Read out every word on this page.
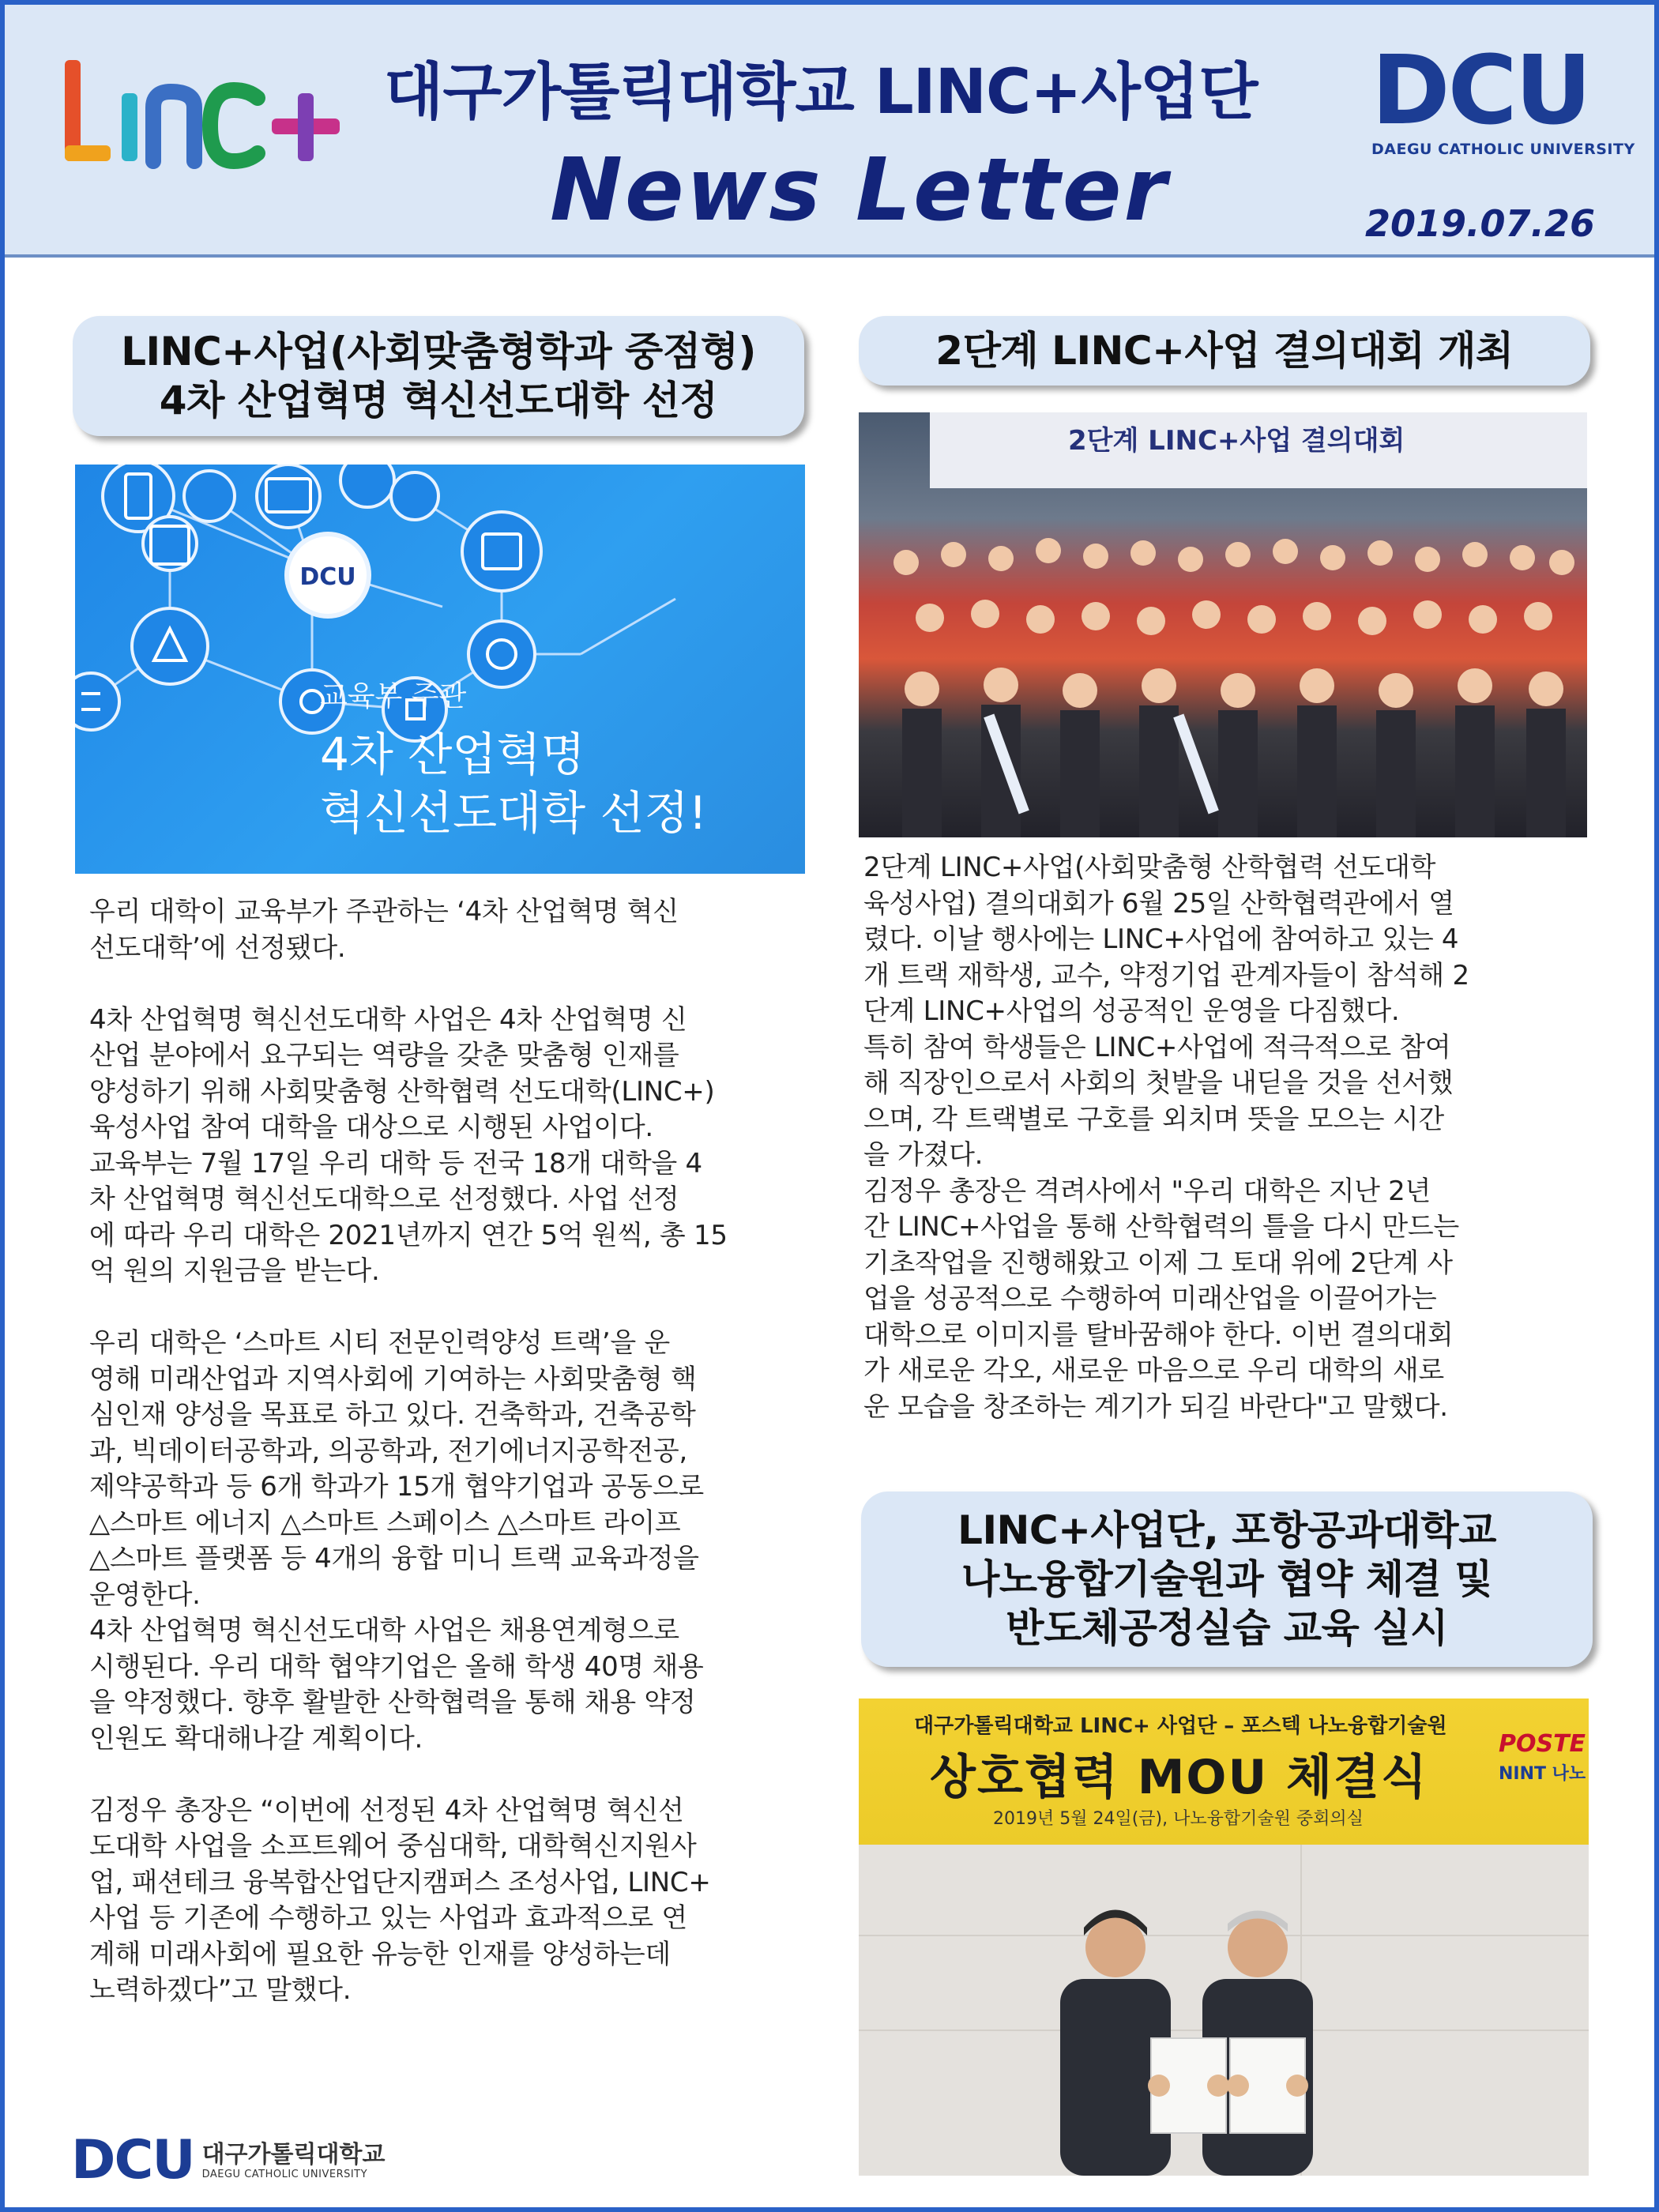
대구가톨릭대학교 LINC+사업단
News Letter
DCU
DAEGU CATHOLIC UNIVERSITY
2019.07.26
LINC+사업(사회맞춤형학과 중점형)
4차 산업혁명 혁신선도대학 선정
DCU
교육부 주관
4차 산업혁명
혁신선도대학 선정!

우리 대학이 교육부가 주관하는 ‘4차 산업혁명 혁신

선도대학’에 선정됐다.

4차 산업혁명 혁신선도대학 사업은 4차 산업혁명 신

산업 분야에서 요구되는 역량을 갖춘 맞춤형 인재를

양성하기 위해 사회맞춤형 산학협력 선도대학(LINC+)

육성사업 참여 대학을 대상으로 시행된 사업이다.

교육부는 7월 17일 우리 대학 등 전국 18개 대학을 4

차 산업혁명 혁신선도대학으로 선정했다. 사업 선정

에 따라 우리 대학은 2021년까지 연간 5억 원씩, 총 15

억 원의 지원금을 받는다.

우리 대학은 ‘스마트 시티 전문인력양성 트랙’을 운

영해 미래산업과 지역사회에 기여하는 사회맞춤형 핵

심인재 양성을 목표로 하고 있다. 건축학과, 건축공학

과, 빅데이터공학과, 의공학과, 전기에너지공학전공,

제약공학과 등 6개 학과가 15개 협약기업과 공동으로

△스마트 에너지 △스마트 스페이스 △스마트 라이프

△스마트 플랫폼 등 4개의 융합 미니 트랙 교육과정을

운영한다.

4차 산업혁명 혁신선도대학 사업은 채용연계형으로

시행된다. 우리 대학 협약기업은 올해 학생 40명 채용

을 약정했다. 향후 활발한 산학협력을 통해 채용 약정

인원도 확대해나갈 계획이다.

김정우 총장은 “이번에 선정된 4차 산업혁명 혁신선

도대학 사업을 소프트웨어 중심대학, 대학혁신지원사

업, 패션테크 융복합산업단지캠퍼스 조성사업, LINC+

사업 등 기존에 수행하고 있는 사업과 효과적으로 연

계해 미래사회에 필요한 유능한 인재를 양성하는데

노력하겠다”고 말했다.

2단계 LINC+사업 결의대회 개최
2단계 LINC+사업 결의대회

2단계 LINC+사업(사회맞춤형 산학협력 선도대학

육성사업) 결의대회가 6월 25일 산학협력관에서 열

렸다. 이날 행사에는 LINC+사업에 참여하고 있는 4

개 트랙 재학생, 교수, 약정기업 관계자들이 참석해 2

단계 LINC+사업의 성공적인 운영을 다짐했다.

특히 참여 학생들은 LINC+사업에 적극적으로 참여

해 직장인으로서 사회의 첫발을 내딛을 것을 선서했

으며, 각 트랙별로 구호를 외치며 뜻을 모으는 시간

을 가졌다.

김정우 총장은 격려사에서 "우리 대학은 지난 2년

간 LINC+사업을 통해 산학협력의 틀을 다시 만드는

기초작업을 진행해왔고 이제 그 토대 위에 2단계 사

업을 성공적으로 수행하여 미래산업을 이끌어가는

대학으로 이미지를 탈바꿈해야 한다. 이번 결의대회

가 새로운 각오, 새로운 마음으로 우리 대학의 새로

운 모습을 창조하는 계기가 되길 바란다"고 말했다.

LINC+사업단, 포항공과대학교
나노융합기술원과 협약 체결 및
반도체공정실습 교육 실시
대구가톨릭대학교 LINC+ 사업단 – 포스텍 나노융합기술원
상호협력 MOU 체결식
2019년 5월 24일(금), 나노융합기술원 중회의실
POSTE
NINT 나노
DCU 대구가톨릭대학교
DAEGU CATHOLIC UNIVERSITY
